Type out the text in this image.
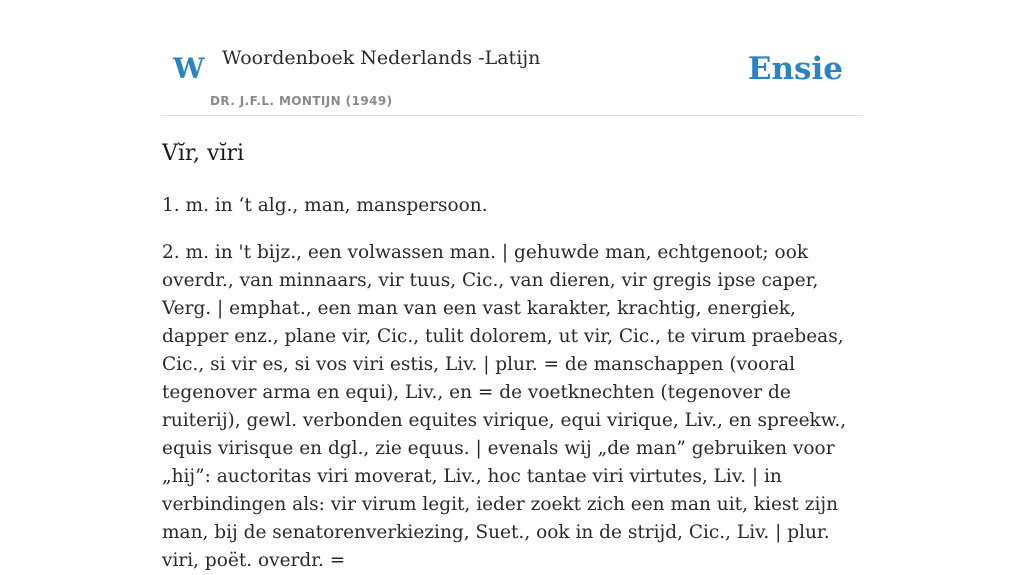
W Woordenboek Nederlands -Latijn
DR. J.F.L. MONTIJN (1949)
Ensie
Vĭr, vĭri

1. m. in ‘t alg., man, manspersoon.

2. m. in 't bijz., een volwassen man. | gehuwde man, echtgenoot; ook overdr., van minnaars, vir tuus, Cic., van dieren, vir gregis ipse caper, Verg. | emphat., een man van een vast karakter, krachtig, energiek, dapper enz., plane vir, Cic., tulit dolorem, ut vir, Cic., te virum praebeas, Cic., si vir es, si vos viri estis, Liv. | plur. = de manschappen (vooral tegenover arma en equi), Liv., en = de voetknechten (tegenover de ruiterij), gewl. verbonden equites virique, equi virique, Liv., en spreekw., equis virisque en dgl., zie equus. | evenals wij „de man” gebruiken voor „hij”: auctoritas viri moverat, Liv., hoc tantae viri virtutes, Liv. | in verbindingen als: vir virum legit, ieder zoekt zich een man uit, kiest zijn man, bij de senatorenverkiezing, Suet., ook in de strijd, Cic., Liv. | plur. viri, poët. overdr. =
